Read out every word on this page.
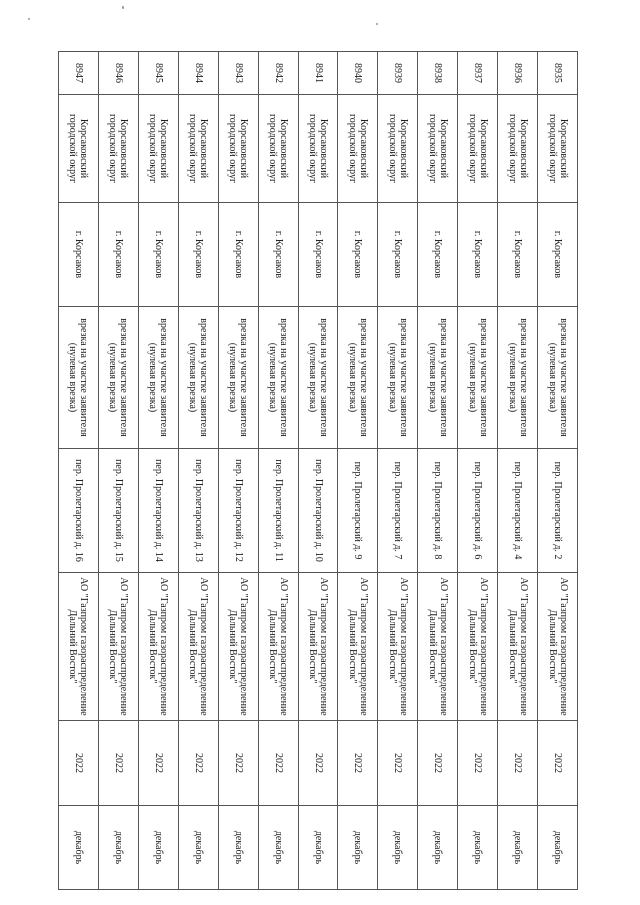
8935	Корсаковский городской округ	г. Корсаков	врезка на участке заявителя (нулевая врезка)	пер. Пролетарский д. 2	АО "Газпром газораспределение Дальний Восток"	2022	декабрь
8936	Корсаковский городской округ	г. Корсаков	врезка на участке заявителя (нулевая врезка)	пер. Пролетарский д. 4	АО "Газпром газораспределение Дальний Восток"	2022	декабрь
8937	Корсаковский городской округ	г. Корсаков	врезка на участке заявителя (нулевая врезка)	пер. Пролетарский д. 6	АО "Газпром газораспределение Дальний Восток"	2022	декабрь
8938	Корсаковский городской округ	г. Корсаков	врезка на участке заявителя (нулевая врезка)	пер. Пролетарский д. 8	АО "Газпром газораспределение Дальний Восток"	2022	декабрь
8939	Корсаковский городской округ	г. Корсаков	врезка на участке заявителя (нулевая врезка)	пер. Пролетарский д. 7	АО "Газпром газораспределение Дальний Восток"	2022	декабрь
8940	Корсаковский городской округ	г. Корсаков	врезка на участке заявителя (нулевая врезка)	пер. Пролетарский д. 9	АО "Газпром газораспределение Дальний Восток"	2022	декабрь
8941	Корсаковский городской округ	г. Корсаков	врезка на участке заявителя (нулевая врезка)	пер. Пролетарский д. 10	АО "Газпром газораспределение Дальний Восток"	2022	декабрь
8942	Корсаковский городской округ	г. Корсаков	врезка на участке заявителя (нулевая врезка)	пер. Пролетарский д. 11	АО "Газпром газораспределение Дальний Восток"	2022	декабрь
8943	Корсаковский городской округ	г. Корсаков	врезка на участке заявителя (нулевая врезка)	пер. Пролетарский д. 12	АО "Газпром газораспределение Дальний Восток"	2022	декабрь
8944	Корсаковский городской округ	г. Корсаков	врезка на участке заявителя (нулевая врезка)	пер. Пролетарский д. 13	АО "Газпром газораспределение Дальний Восток"	2022	декабрь
8945	Корсаковский городской округ	г. Корсаков	врезка на участке заявителя (нулевая врезка)	пер. Пролетарский д. 14	АО "Газпром газораспределение Дальний Восток"	2022	декабрь
8946	Корсаковский городской округ	г. Корсаков	врезка на участке заявителя (нулевая врезка)	пер. Пролетарский д. 15	АО "Газпром газораспределение Дальний Восток"	2022	декабрь
8947	Корсаковский городской округ	г. Корсаков	врезка на участке заявителя (нулевая врезка)	пер. Пролетарский д. 16	АО "Газпром газораспределение Дальний Восток"	2022	декабрь
